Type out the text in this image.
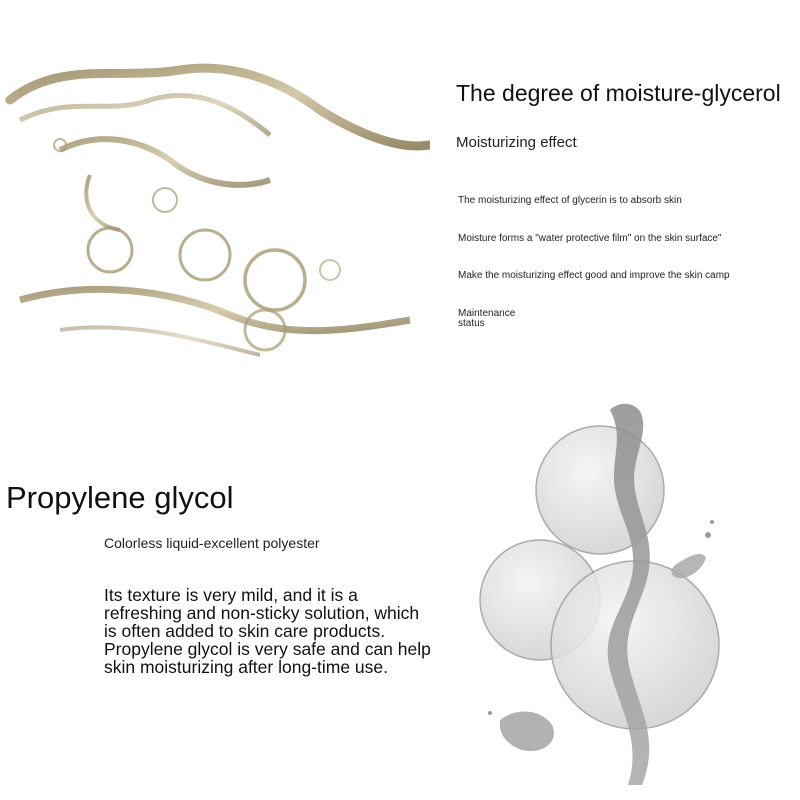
The degree of moisture-glycerol
Moisturizing effect
The moisturizing effect of glycerin is to absorb skin
Moisture forms a "water protective film" on the skin surface"
Make the moisturizing effect good and improve the skin camp
Maintenance status
Propylene glycol
Colorless liquid-excellent polyester
Its texture is very mild, and it is a refreshing and non-sticky solution, which is often added to skin care products. Propylene glycol is very safe and can help skin moisturizing after long-time use.
